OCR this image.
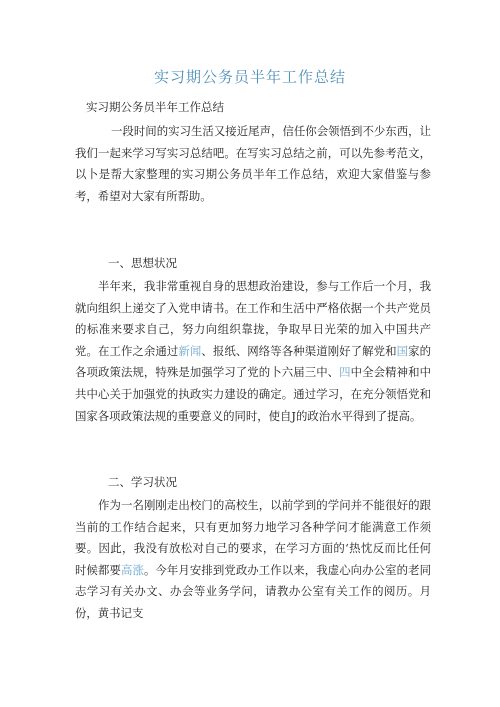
实习期公务员半年工作总结
实习期公务员半年工作总结

一段时间的实习生活又接近尾声，信任你会领悟到不少东西，让我们一起来学习写实习总结吧。在写实习总结之前，可以先参考范文，以卜是帮大家整理的实习期公务员半年工作总结，欢迎大家借鉴与参考，希望对大家有所帮助。

一、思想状况

半年来，我非常重视自身的思想政治建设，参与工作后一个月，我就向组织上递交了入党申请书。在工作和生活中严格依据一个共产党员的标准来要求自己，努力向组织靠拢，争取早日光荣的加入中国共产党。在工作之余通过新闻、报纸、网络等各种渠道刚好了解党和国家的各项政策法规，特殊是加强学习了党的卜六届三中、四中全会精神和中共中心关于加强党的执政实力建设的确定。通过学习，在充分领悟党和国家各项政策法规的重要意义的同时，使自J的政治水平得到了提高。

二、学习状况

作为一名刚刚走出校门的高校生，以前学到的学问并不能很好的跟当前的工作结合起来，只有更加努力地学习各种学问才能满意工作须要。因此，我没有放松对自己的要求，在学习方面的‘热忱反而比任何时候都要高涨。今年月安排到党政办工作以来，我虚心向办公室的老同志学习有关办文、办会等业务学问，请教办公室有关工作的阅历。月份，黄书记支
